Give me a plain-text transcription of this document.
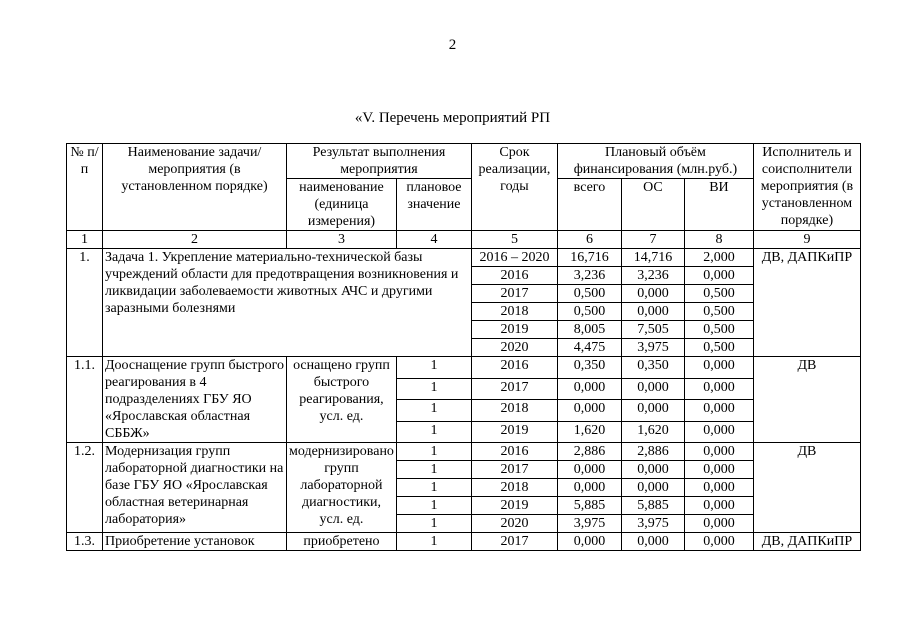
2
«V. Перечень мероприятий РП
№ п/п	Наименование задачи/мероприятия (в установленном порядке)	Результат выполнения мероприятия		Срок реализации, годы	Плановый объём финансирования (млн.руб.)			Исполнитель и соисполнители мероприятия (в установленном порядке)
		наименование (единица измерения)	плановое значение		всего	ОС	ВИ	
1	2	3	4	5	6	7	8	9
1.	Задача 1. Укрепление материально-технической базы учреждений области для предотвращения возникновения и ликвидации заболеваемости животных АЧС и другими заразными болезнями			2016 – 2020	16,716	14,716	2,000	ДВ, ДАПКиПР
				2016	3,236	3,236	0,000	
				2017	0,500	0,000	0,500	
				2018	0,500	0,000	0,500	
				2019	8,005	7,505	0,500	
				2020	4,475	3,975	0,500	
1.1.	Дооснащение групп быстрого реагирования в 4 подразделениях ГБУ ЯО «Ярославская областная СББЖ»	оснащено групп быстрого реагирования, усл. ед.	1	2016	0,350	0,350	0,000	ДВ
			1	2017	0,000	0,000	0,000	
			1	2018	0,000	0,000	0,000	
			1	2019	1,620	1,620	0,000	
1.2.	Модернизация групп лабораторной диагностики на базе ГБУ ЯО «Ярославская областная ветеринарная лаборатория»	модернизировано групп лабораторной диагностики, усл. ед.	1	2016	2,886	2,886	0,000	ДВ
			1	2017	0,000	0,000	0,000	
			1	2018	0,000	0,000	0,000	
			1	2019	5,885	5,885	0,000	
			1	2020	3,975	3,975	0,000	
1.3.	Приобретение установок	приобретено	1	2017	0,000	0,000	0,000	ДВ, ДАПКиПР
